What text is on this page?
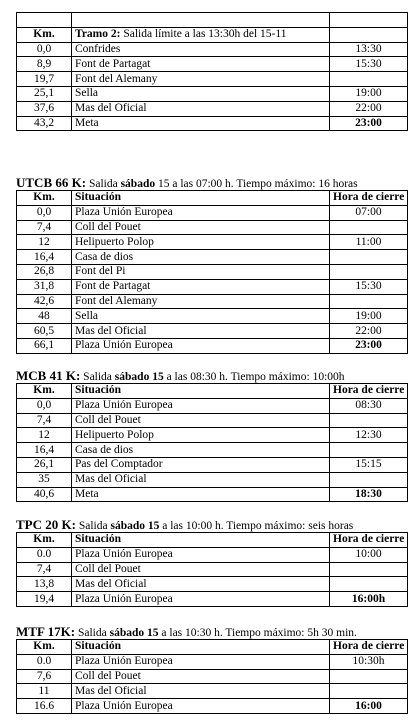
Km.	Tramo 2: Salida límite a las 13:30h del 15-11	
0,0	Confrides	13:30
8,9	Font de Partagat	15:30
19,7	Font del Alemany	
25,1	Sella	19:00
37,6	Mas del Oficial	22:00
43,2	Meta	23:00
UTCB 66 K: Salida sábado 15 a las 07:00 h. Tiempo máximo: 16 horas
Km.	Situación	Hora de cierre
0,0	Plaza Unión Europea	07:00
7,4	Coll del Pouet	
12	Helipuerto Polop	11:00
16,4	Casa de dios	
26,8	Font del Pi	
31,8	Font de Partagat	15:30
42,6	Font del Alemany	
48	Sella	19:00
60,5	Mas del Oficial	22:00
66,1	Plaza Unión Europea	23:00
MCB 41 K: Salida sábado 15 a las 08:30 h. Tiempo máximo: 10:00h
Km.	Situación	Hora de cierre
0,0	Plaza Unión Europea	08:30
7,4	Coll del Pouet	
12	Helipuerto Polop	12:30
16,4	Casa de dios	
26,1	Pas del Comptador	15:15
35	Mas del Oficial	
40,6	Meta	18:30
TPC 20 K: Salida sábado 15 a las 10:00 h. Tiempo máximo: seis horas
Km.	Situación	Hora de cierre
0.0	Plaza Unión Europea	10:00
7,4	Coll del Pouet	
13,8	Mas del Oficial	
19,4	Plaza Unión Europea	16:00h
MTF 17K: Salida sábado 15 a las 10:30 h. Tiempo máximo: 5h 30 min.
Km.	Situación	Hora de cierre
0.0	Plaza Unión Europea	10:30h
7,6	Coll del Pouet	
11	Mas del Oficial	
16.6	Plaza Unión Europea	16:00
